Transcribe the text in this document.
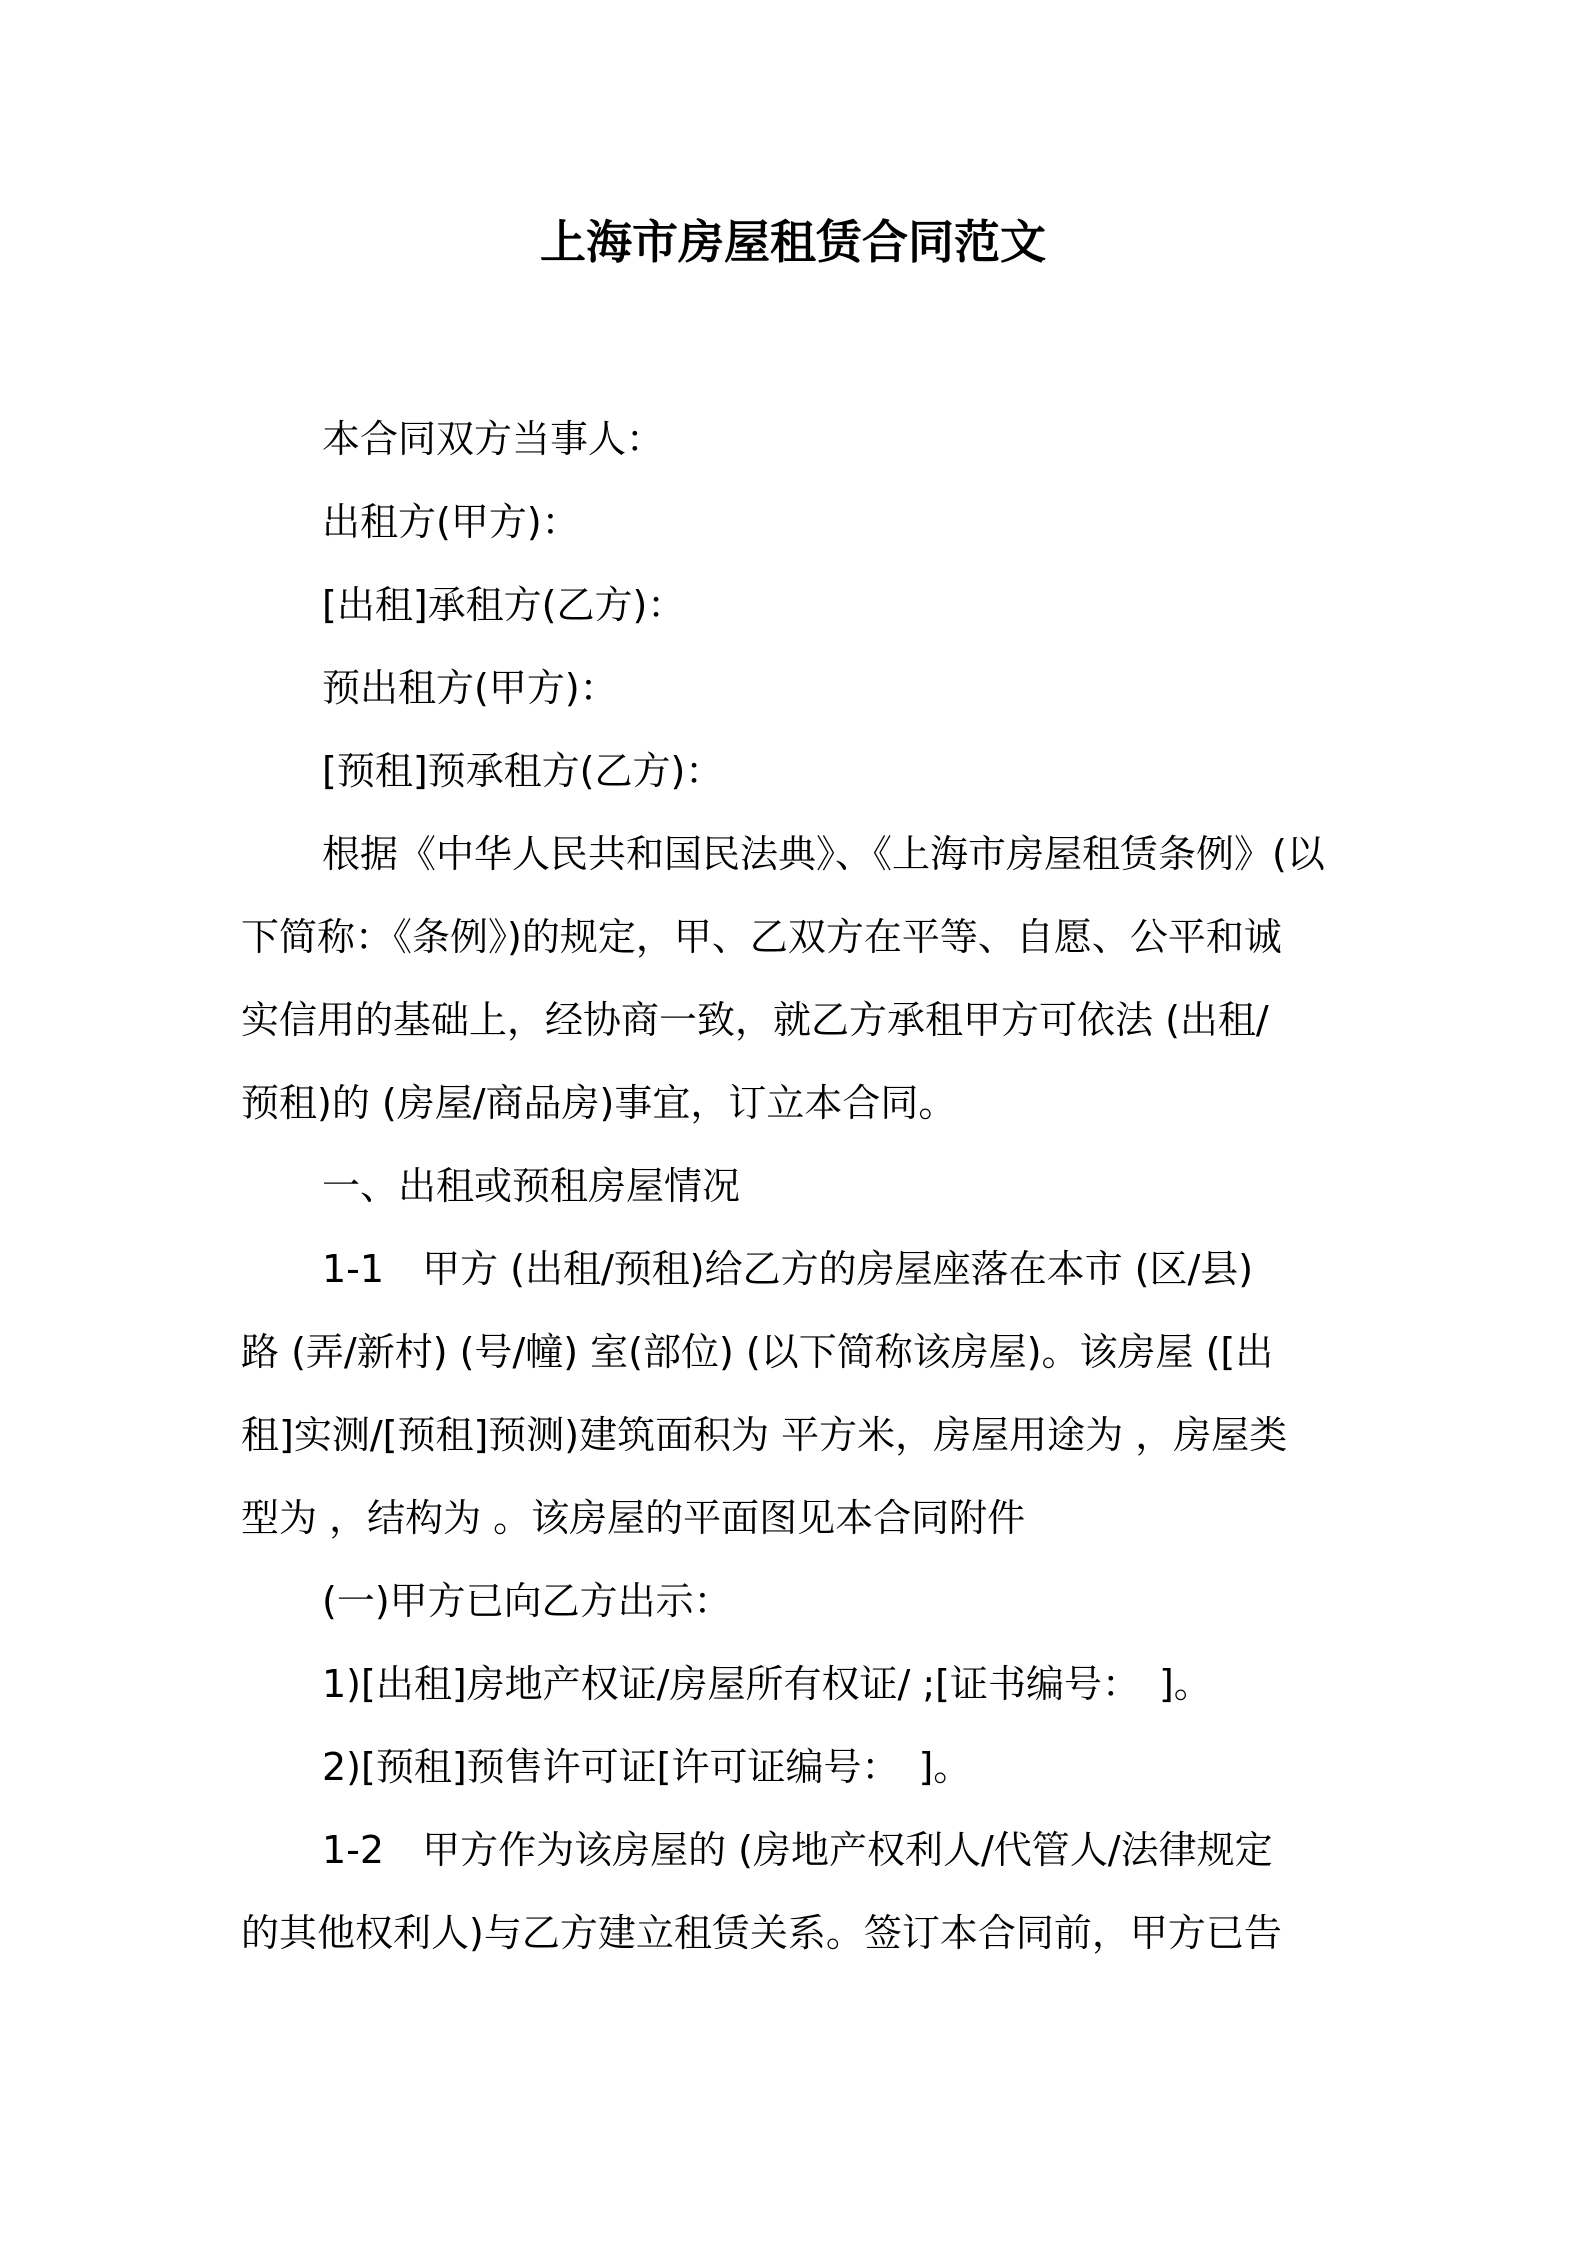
上海市房屋租赁合同范文
本合同双方当事人：
出租方(甲方)：
[出租]承租方(乙方)：
预出租方(甲方)：
[预租]预承租方(乙方)：
根据《中华人民共和国民法典》、《上海市房屋租赁条例》(以
下简称：《条例》)的规定，甲、乙双方在平等、自愿、公平和诚
实信用的基础上，经协商一致，就乙方承租甲方可依法 (出租/
预租)的 (房屋/商品房)事宜，订立本合同。
一、出租或预租房屋情况
1-1　甲方 (出租/预租)给乙方的房屋座落在本市 (区/县)
路 (弄/新村) (号/幢) 室(部位) (以下简称该房屋)。该房屋 ([出
租]实测/[预租]预测)建筑面积为 平方米，房屋用途为 ，房屋类
型为 ，结构为 。该房屋的平面图见本合同附件
(一)甲方已向乙方出示：
1)[出租]房地产权证/房屋所有权证/ ;[证书编号：　]。
2)[预租]预售许可证[许可证编号：　]。
1-2　甲方作为该房屋的 (房地产权利人/代管人/法律规定
的其他权利人)与乙方建立租赁关系。签订本合同前，甲方已告
